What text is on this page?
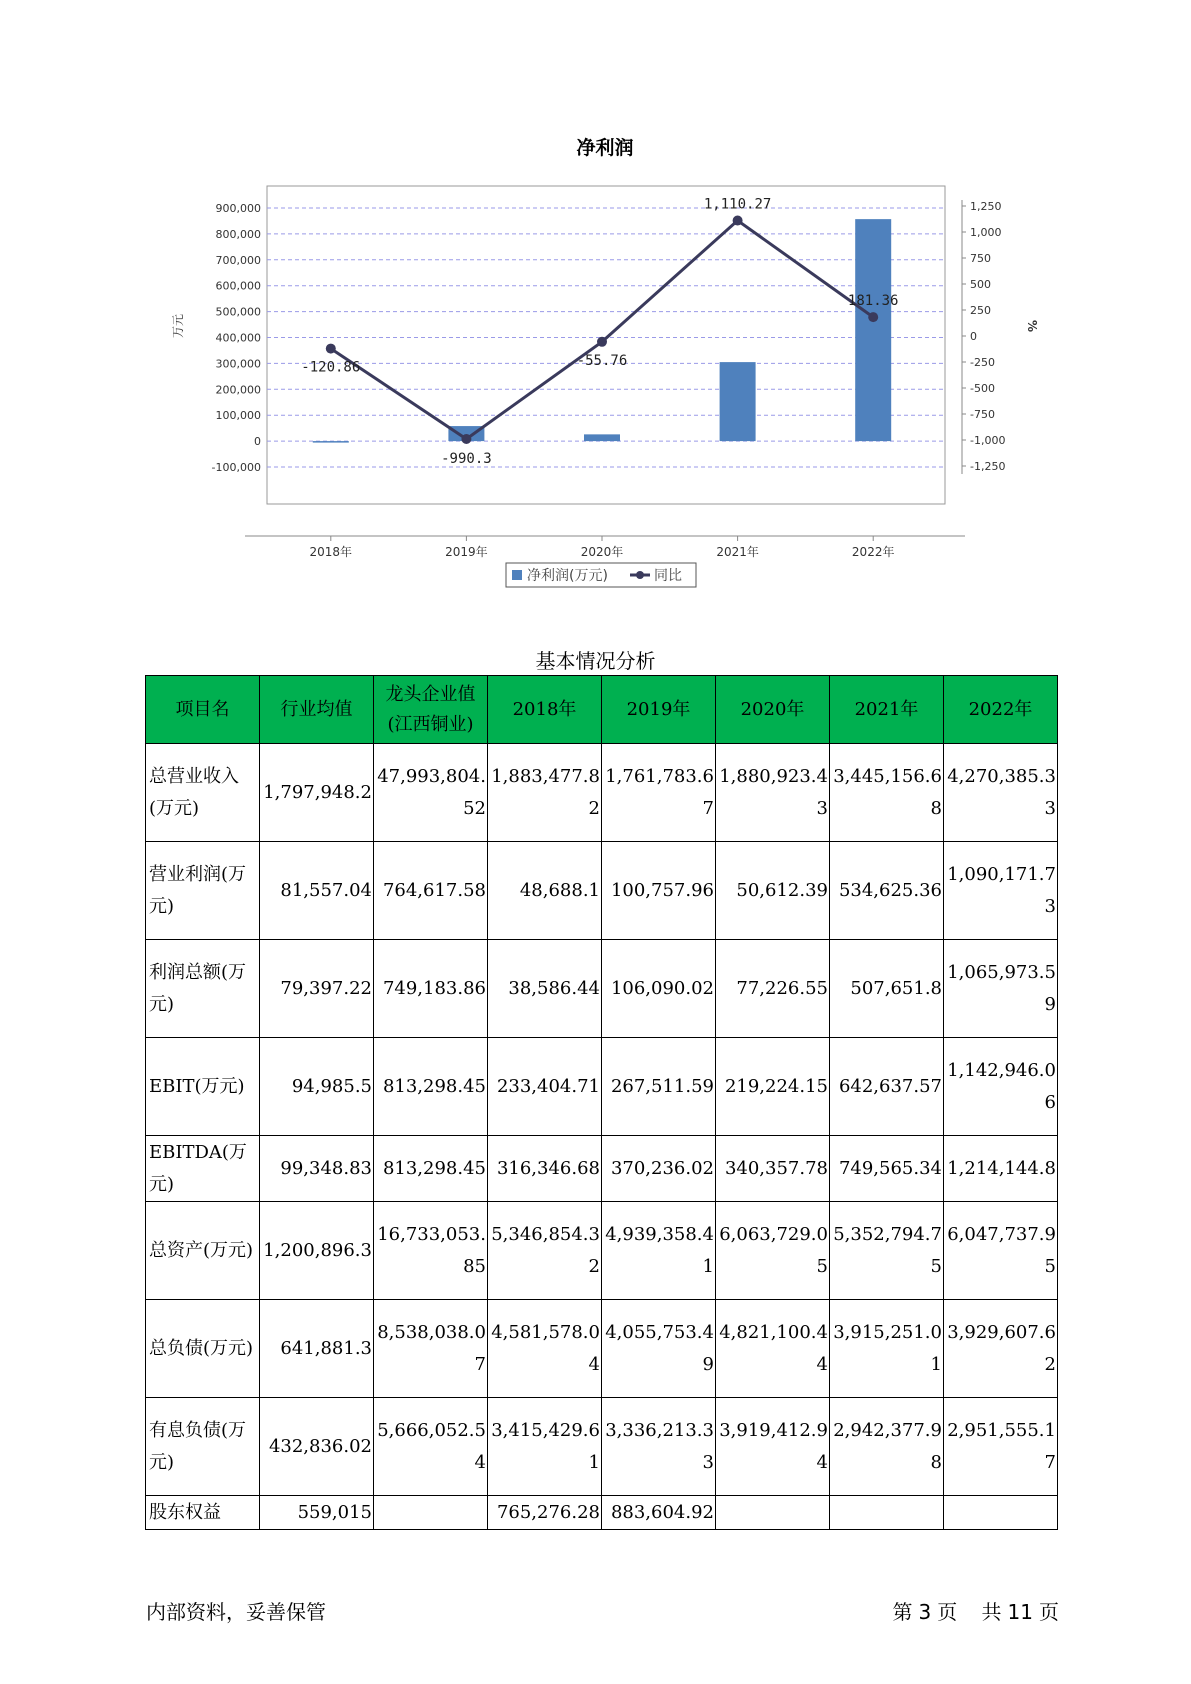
净利润
-100,000
0
100,000
200,000
300,000
400,000
500,000
600,000
700,000
800,000
900,000
-1,250
-1,000
-750
-500
-250
0
250
500
750
1,000
1,250
万元	%
2018年	2019年	2020年	2021年	2022年
-120.86
-990.3
-55.76
1,110.27
181.36
净利润(万元)	同比
基本情况分析
项目名	行业均值	龙头企业值(江西铜业)	2018年	2019年	2020年	2021年	2022年
总营业收入(万元)	1,797,948.2	47,993,804.52	1,883,477.82	1,761,783.67	1,880,923.43	3,445,156.68	4,270,385.33
营业利润(万元)	81,557.04	764,617.58	48,688.1	100,757.96	50,612.39	534,625.36	1,090,171.73
利润总额(万元)	79,397.22	749,183.86	38,586.44	106,090.02	77,226.55	507,651.8	1,065,973.59
EBIT(万元)	94,985.5	813,298.45	233,404.71	267,511.59	219,224.15	642,637.57	1,142,946.06
EBITDA(万元)	99,348.83	813,298.45	316,346.68	370,236.02	340,357.78	749,565.34	1,214,144.8
总资产(万元)	1,200,896.3	16,733,053.85	5,346,854.32	4,939,358.41	6,063,729.05	5,352,794.75	6,047,737.95
总负债(万元)	641,881.3	8,538,038.07	4,581,578.04	4,055,753.49	4,821,100.44	3,915,251.01	3,929,607.62
有息负债(万元)	432,836.02	5,666,052.54	3,415,429.61	3,336,213.33	3,919,412.94	2,942,377.98	2,951,555.17
股东权益	559,015		765,276.28	883,604.92			
内部资料，妥善保管	第 3 页 共 11 页
